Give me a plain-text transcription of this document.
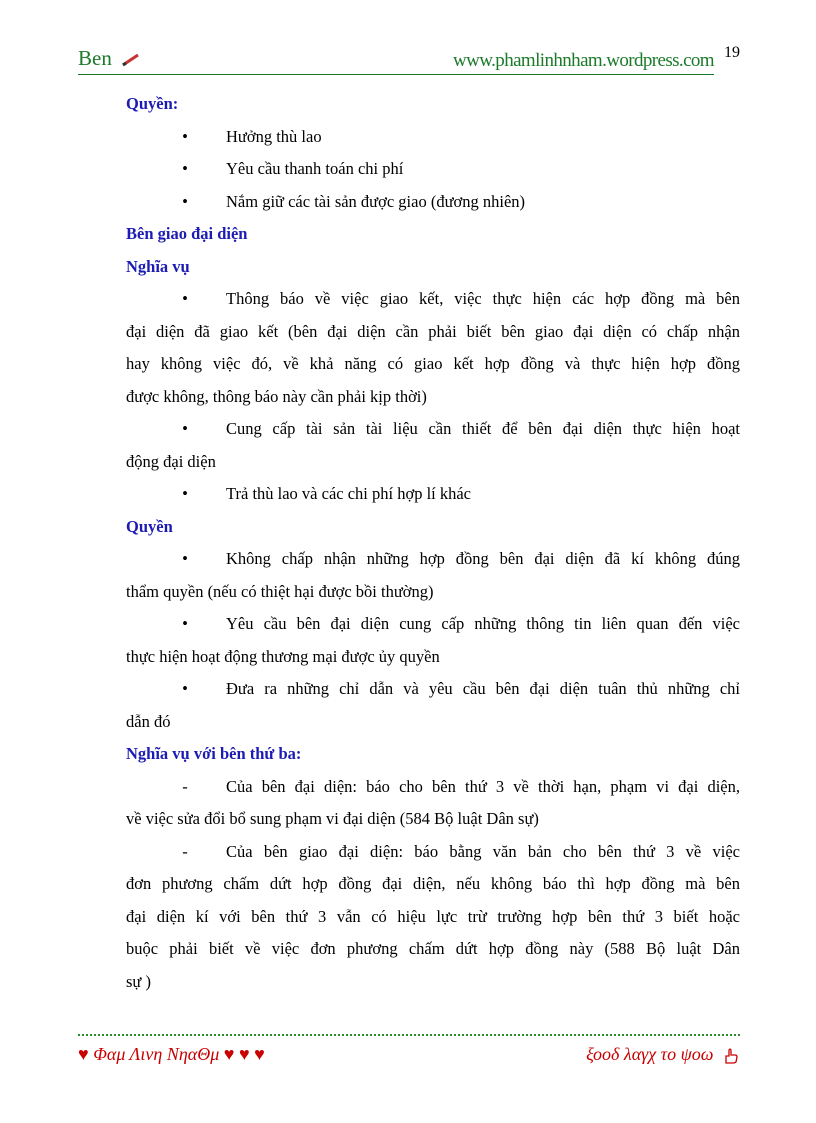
Ben	www.phamlinhnham.wordpress.com 19
Quyền:
• Hưởng thù lao
• Yêu cầu thanh toán chi phí
• Nắm giữ các tài sản được giao (đương nhiên)
Bên giao đại diện
Nghĩa vụ
•	Thông báo về việc giao kết, việc thực hiện các hợp đồng mà bên

đại diện đã giao kết (bên đại diện cần phải biết bên giao đại diện có chấp nhận

hay không việc đó, về khả năng có giao kết hợp đồng và thực hiện hợp đồng

được không, thông báo này cần phải kịp thời)

•	Cung cấp tài sản tài liệu cần thiết để bên đại diện thực hiện hoạt

động đại diện

•	Trả thù lao và các chi phí hợp lí khác

Quyền
•	Không chấp nhận những hợp đồng bên đại diện đã kí không đúng

thẩm quyền (nếu có thiệt hại được bồi thường)

•	Yêu cầu bên đại diện cung cấp những thông tin liên quan đến việc

thực hiện hoạt động thương mại được ủy quyền

•	Đưa ra những chỉ dẫn và yêu cầu bên đại diện tuân thủ những chỉ

dẫn đó

Nghĩa vụ với bên thứ ba:
-	Của bên đại diện: báo cho bên thứ 3 về thời hạn, phạm vi đại diện,

về việc sửa đổi bổ sung phạm vi đại diện (584 Bộ luật Dân sự)

-	Của bên giao đại diện: báo bằng văn bản cho bên thứ 3 về việc

đơn phương chấm dứt hợp đồng đại diện, nếu không báo thì hợp đồng mà bên

đại diện kí với bên thứ 3 vẫn có hiệu lực trừ trường hợp bên thứ 3 biết hoặc

buộc phải biết về việc đơn phương chấm dứt hợp đồng này (588 Bộ luật Dân

sự )

♥ Φαμ Λινη ΝηαΘμ ♥ ♥ ♥	ξοοδ λαγχ το ψοω
